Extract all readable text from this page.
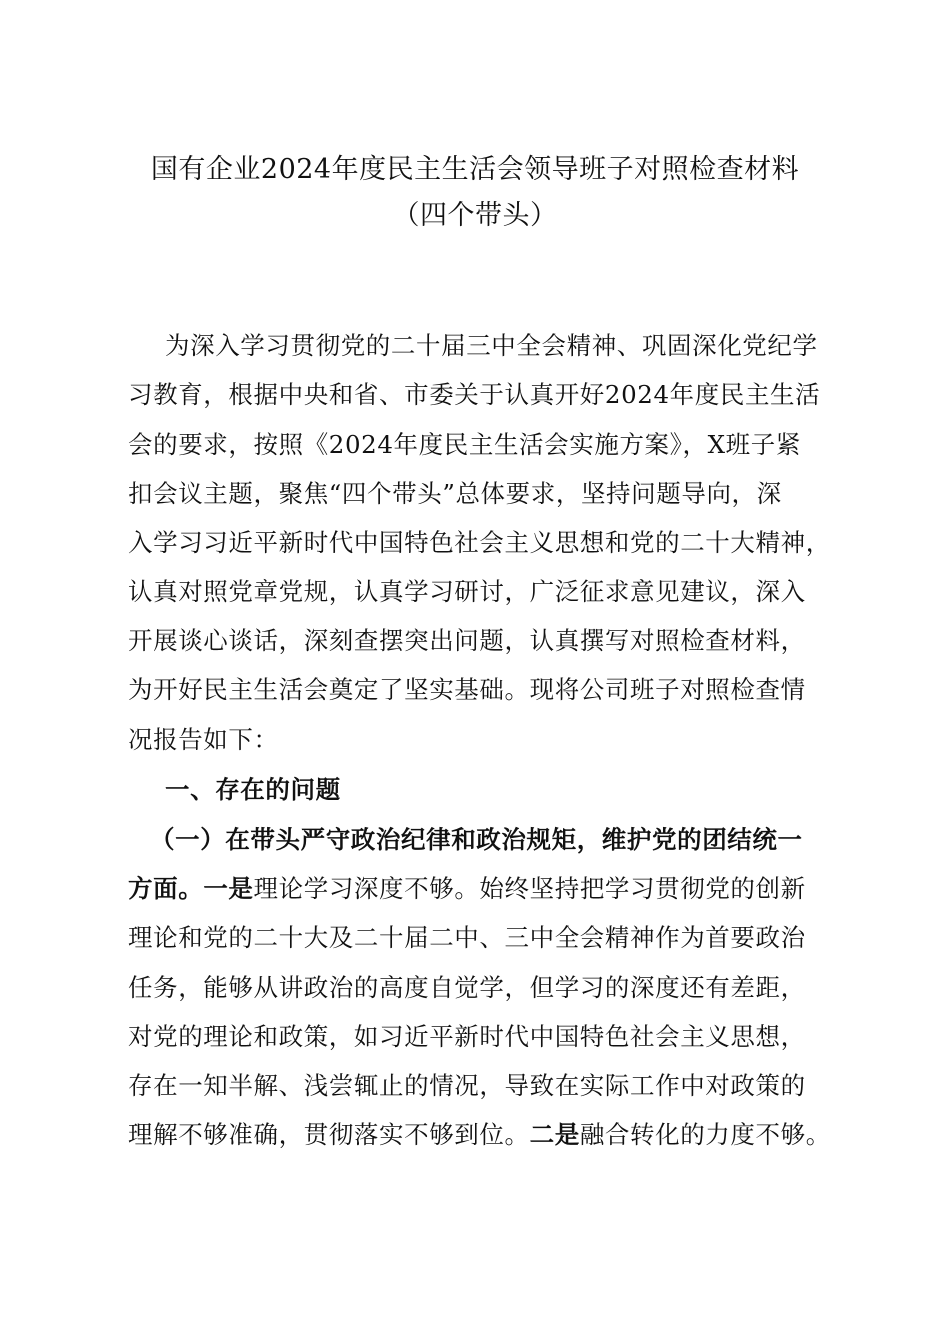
国有企业2024年度民主生活会领导班子对照检查材料
（四个带头）
为深入学习贯彻党的二十届三中全会精神、巩固深化党纪学
习教育，根据中央和省、市委关于认真开好2024年度民主生活
会的要求，按照《2024年度民主生活会实施方案》，X班子紧
扣会议主题，聚焦“四个带头”总体要求，坚持问题导向，深
入学习习近平新时代中国特色社会主义思想和党的二十大精神，
认真对照党章党规，认真学习研讨，广泛征求意见建议，深入
开展谈心谈话，深刻查摆突出问题，认真撰写对照检查材料，
为开好民主生活会奠定了坚实基础。现将公司班子对照检查情
况报告如下：
一、存在的问题
（一）在带头严守政治纪律和政治规矩，维护党的团结统一
方面。一是理论学习深度不够。始终坚持把学习贯彻党的创新
理论和党的二十大及二十届二中、三中全会精神作为首要政治
任务，能够从讲政治的高度自觉学，但学习的深度还有差距，
对党的理论和政策，如习近平新时代中国特色社会主义思想，
存在一知半解、浅尝辄止的情况，导致在实际工作中对政策的
理解不够准确，贯彻落实不够到位。二是融合转化的力度不够。
